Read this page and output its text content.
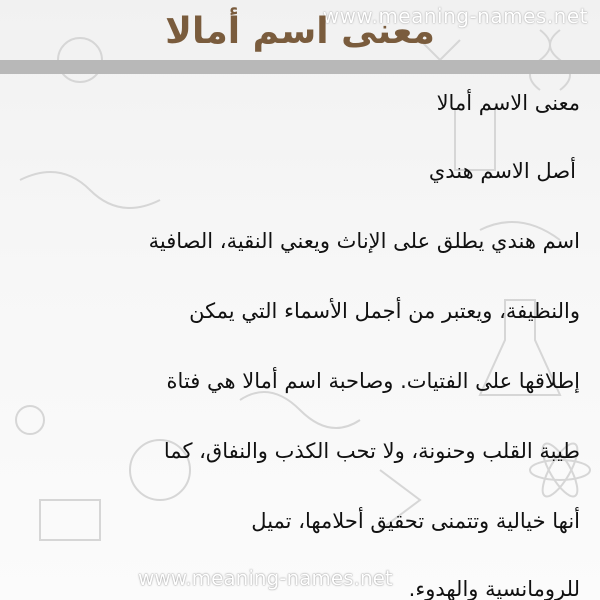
www.meaning-names.net
معنى اسم أمالا
معنى الاسم أمالا
أصل الاسم هندي
اسم هندي يطلق على الإناث ويعني النقية، الصافية
والنظيفة، ويعتبر من أجمل الأسماء التي يمكن
إطلاقها على الفتيات. وصاحبة اسم أمالا هي فتاة
طيبة القلب وحنونة، ولا تحب الكذب والنفاق، كما
أنها خيالية وتتمنى تحقيق أحلامها، تميل
للرومانسية والهدوء.
www.meaning-names.net
